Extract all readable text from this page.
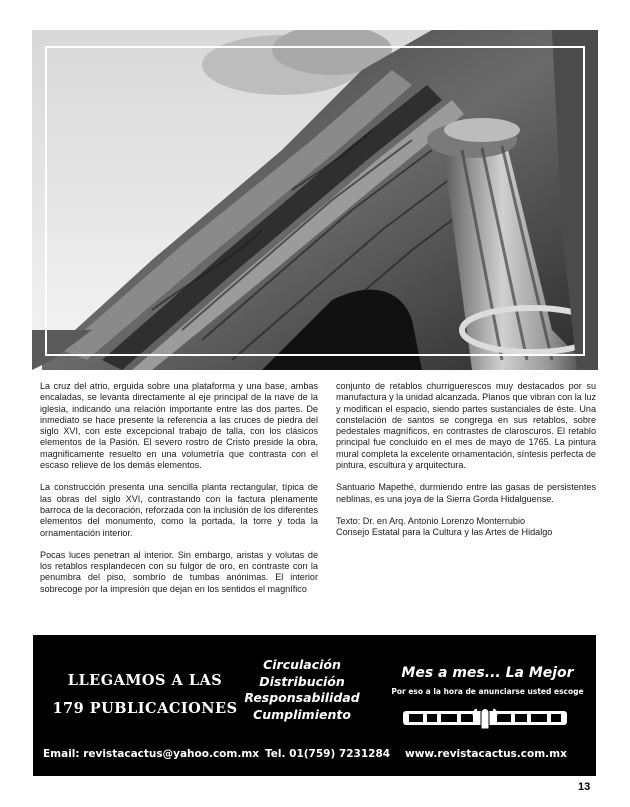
La cruz del atrio, erguida sobre una plataforma y una base, ambas encaladas, se levanta directamente al eje principal de la nave de la iglesia, indicando una relación importante entre las dos partes. De inmediato se hace presente la referencia a las cruces de piedra del siglo XVI, con este excepcional trabajo de talla, con los clásicos elementos de la Pasión. El severo rostro de Cristo preside la obra, magnificamente resuelto en una volumetría que contrasta con el escaso relieve de los demás elementos.

La construcción presenta una sencilla planta rectangular, típica de las obras del siglo XVI, contrastando con la factura plenamente barroca de la decoración, reforzada con la inclusión de los diferentes elementos del monumento, como la portada, la torre y toda la ornamentación interior.

Pocas luces penetran al interior. Sin embargo, aristas y volutas de los retablos resplandecen con su fulgor de oro, en contraste con la penumbra del piso, sombrío de tumbas anónimas. El interior sobrecoge por la impresión que dejan en los sentidos el magnífico

conjunto de retablos churriguerescos muy destacados por su manufactura y la unidad alcanzada. Planos que vibran con la luz y modifican el espacio, siendo partes sustanciales de éste. Una constelación de santos se congrega en sus retablos, sobre pedestales magníficos, en contrastes de claroscuros. El retablo principal fue concluido en el mes de mayo de 1765. La pintura mural completa la excelente ornamentación, síntesis perfecta de pintura, escultura y arquitectura.

Santuario Mapethé, durmiendo entre las gasas de persistentes neblinas, es una joya de la Sierra Gorda Hidalguense.

Texto: Dr. en Arq. Antonio Lorenzo Monterrubio
Consejo Estatal para la Cultura y las Artes de Hidalgo
LLEGAMOS A LAS
179 PUBLICACIONES
Circulación
Distribución
Responsabilidad
Cumplimiento
Mes a mes... La Mejor
Por eso a la hora de anunciarse usted escoge
Email: revistacactus@yahoo.com.mx Tel. 01(759) 7231284 www.revistacactus.com.mx
13
